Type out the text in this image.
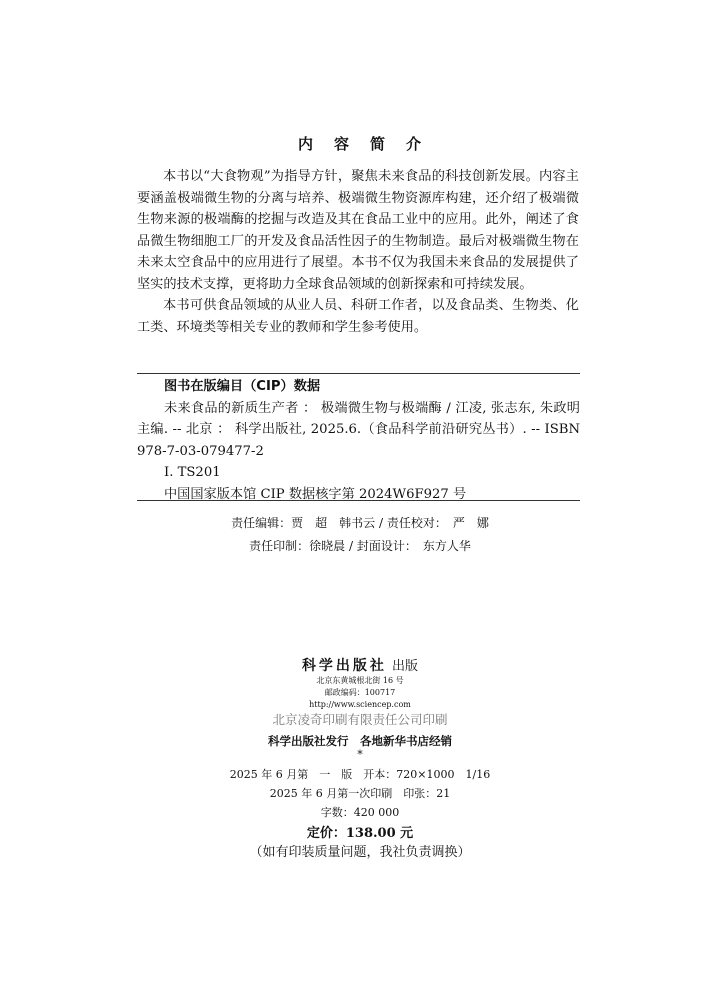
内 容 简 介

本书以“大食物观”为指导方针，聚焦未来食品的科技创新发展。内容主要涵盖极端微生物的分离与培养、极端微生物资源库构建，还介绍了极端微生物来源的极端酶的挖掘与改造及其在食品工业中的应用。此外，阐述了食品微生物细胞工厂的开发及食品活性因子的生物制造。最后对极端微生物在未来太空食品中的应用进行了展望。本书不仅为我国未来食品的发展提供了坚实的技术支撑，更将助力全球食品领域的创新探索和可持续发展。

本书可供食品领域的从业人员、科研工作者，以及食品类、生物类、化工类、环境类等相关专业的教师和学生参考使用。

图书在版编目（CIP）数据
未来食品的新质生产者 ： 极端微生物与极端酶 / 江凌, 张志东, 朱政明主编. -- 北京 ： 科学出版社, 2025.6.（食品科学前沿研究丛书）. -- ISBN 978-7-03-079477-2
Ⅰ. TS201
中国国家版本馆 CIP 数据核字第 2024W6F927 号
责任编辑：贾　超　韩书云 / 责任校对：　严　娜
责任印制：徐晓晨 / 封面设计：　东方人华
科学出版社 出版
北京东黄城根北街 16 号
邮政编码：100717
http://www.sciencep.com
北京凌奇印刷有限责任公司印刷
科学出版社发行　各地新华书店经销
*
2025 年 6 月第　一　版　开本：720×1000　1/16
2025 年 6 月第一次印刷　印张：21
字数：420 000
定价：138.00 元
（如有印装质量问题，我社负责调换）
